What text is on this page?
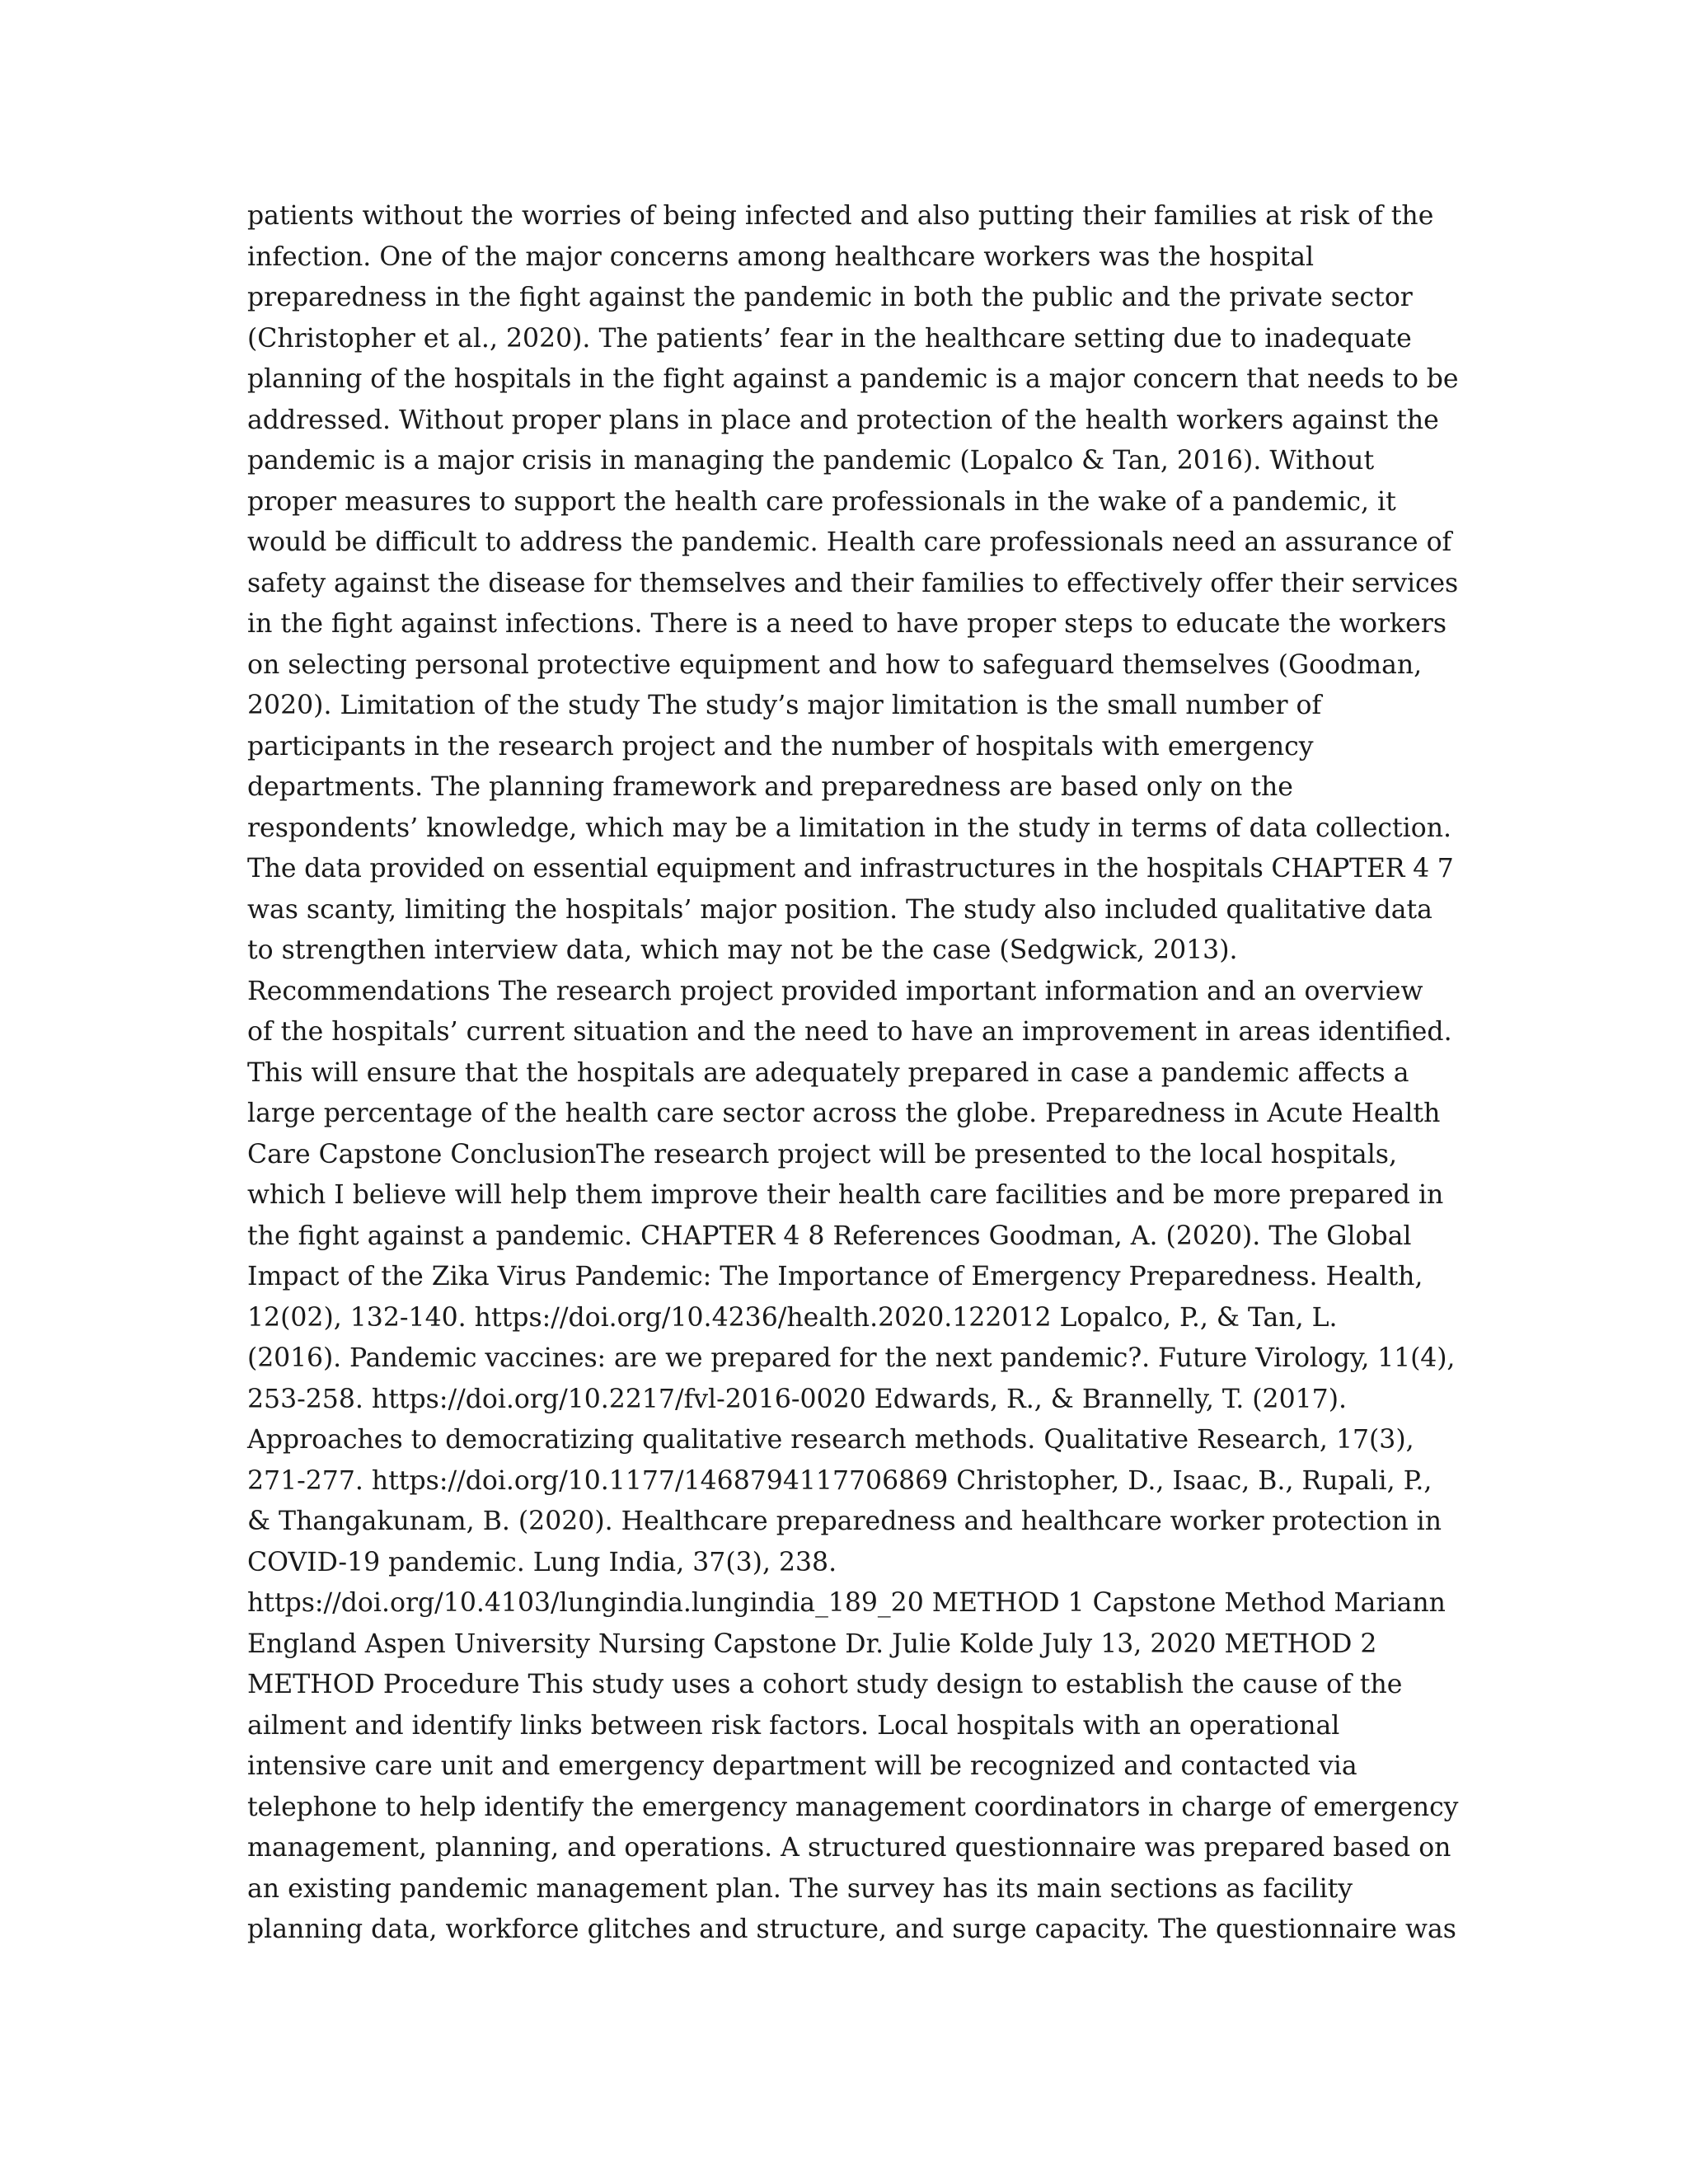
patients without the worries of being infected and also putting their families at risk of the
infection. One of the major concerns among healthcare workers was the hospital
preparedness in the fight against the pandemic in both the public and the private sector
(Christopher et al., 2020). The patients’ fear in the healthcare setting due to inadequate
planning of the hospitals in the fight against a pandemic is a major concern that needs to be
addressed. Without proper plans in place and protection of the health workers against the
pandemic is a major crisis in managing the pandemic (Lopalco & Tan, 2016). Without
proper measures to support the health care professionals in the wake of a pandemic, it
would be difficult to address the pandemic. Health care professionals need an assurance of
safety against the disease for themselves and their families to effectively offer their services
in the fight against infections. There is a need to have proper steps to educate the workers
on selecting personal protective equipment and how to safeguard themselves (Goodman,
2020). Limitation of the study The study’s major limitation is the small number of
participants in the research project and the number of hospitals with emergency
departments. The planning framework and preparedness are based only on the
respondents’ knowledge, which may be a limitation in the study in terms of data collection.
The data provided on essential equipment and infrastructures in the hospitals CHAPTER 4 7
was scanty, limiting the hospitals’ major position. The study also included qualitative data
to strengthen interview data, which may not be the case (Sedgwick, 2013).
Recommendations The research project provided important information and an overview
of the hospitals’ current situation and the need to have an improvement in areas identified.
This will ensure that the hospitals are adequately prepared in case a pandemic affects a
large percentage of the health care sector across the globe. Preparedness in Acute Health
Care Capstone ConclusionThe research project will be presented to the local hospitals,
which I believe will help them improve their health care facilities and be more prepared in
the fight against a pandemic. CHAPTER 4 8 References Goodman, A. (2020). The Global
Impact of the Zika Virus Pandemic: The Importance of Emergency Preparedness. Health,
12(02), 132-140. https://doi.org/10.4236/health.2020.122012 Lopalco, P., & Tan, L.
(2016). Pandemic vaccines: are we prepared for the next pandemic?. Future Virology, 11(4),
253-258. https://doi.org/10.2217/fvl-2016-0020 Edwards, R., & Brannelly, T. (2017).
Approaches to democratizing qualitative research methods. Qualitative Research, 17(3),
271-277. https://doi.org/10.1177/1468794117706869 Christopher, D., Isaac, B., Rupali, P.,
& Thangakunam, B. (2020). Healthcare preparedness and healthcare worker protection in
COVID-19 pandemic. Lung India, 37(3), 238.
https://doi.org/10.4103/lungindia.lungindia_189_20 METHOD 1 Capstone Method Mariann
England Aspen University Nursing Capstone Dr. Julie Kolde July 13, 2020 METHOD 2
METHOD Procedure This study uses a cohort study design to establish the cause of the
ailment and identify links between risk factors. Local hospitals with an operational
intensive care unit and emergency department will be recognized and contacted via
telephone to help identify the emergency management coordinators in charge of emergency
management, planning, and operations. A structured questionnaire was prepared based on
an existing pandemic management plan. The survey has its main sections as facility
planning data, workforce glitches and structure, and surge capacity. The questionnaire was
